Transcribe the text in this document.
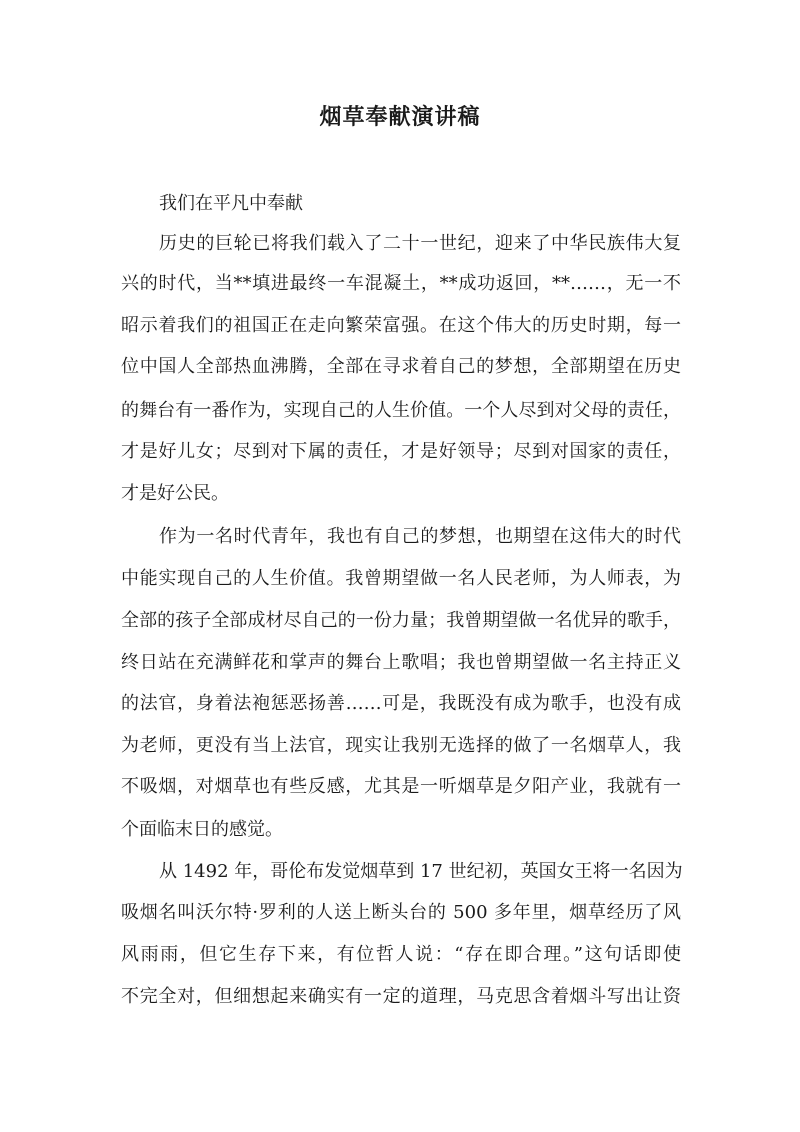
烟草奉献演讲稿
我们在平凡中奉献
历史的巨轮已将我们载入了二十一世纪，迎来了中华民族伟大复
兴的时代，当**填进最终一车混凝土，**成功返回，**……，无一不
昭示着我们的祖国正在走向繁荣富强。在这个伟大的历史时期，每一
位中国人全部热血沸腾，全部在寻求着自己的梦想，全部期望在历史
的舞台有一番作为，实现自己的人生价值。一个人尽到对父母的责任，
才是好儿女；尽到对下属的责任，才是好领导；尽到对国家的责任，
才是好公民。
作为一名时代青年，我也有自己的梦想，也期望在这伟大的时代
中能实现自己的人生价值。我曾期望做一名人民老师，为人师表，为
全部的孩子全部成材尽自己的一份力量；我曾期望做一名优异的歌手，
终日站在充满鲜花和掌声的舞台上歌唱；我也曾期望做一名主持正义
的法官，身着法袍惩恶扬善……可是，我既没有成为歌手，也没有成
为老师，更没有当上法官，现实让我别无选择的做了一名烟草人，我
不吸烟，对烟草也有些反感，尤其是一听烟草是夕阳产业，我就有一
个面临末日的感觉。
从 1492 年，哥伦布发觉烟草到 17 世纪初，英国女王将一名因为
吸烟名叫沃尔特·罗利的人送上断头台的 500 多年里，烟草经历了风
风雨雨，但它生存下来，有位哲人说：“存在即合理。”这句话即使
不完全对，但细想起来确实有一定的道理，马克思含着烟斗写出让资
